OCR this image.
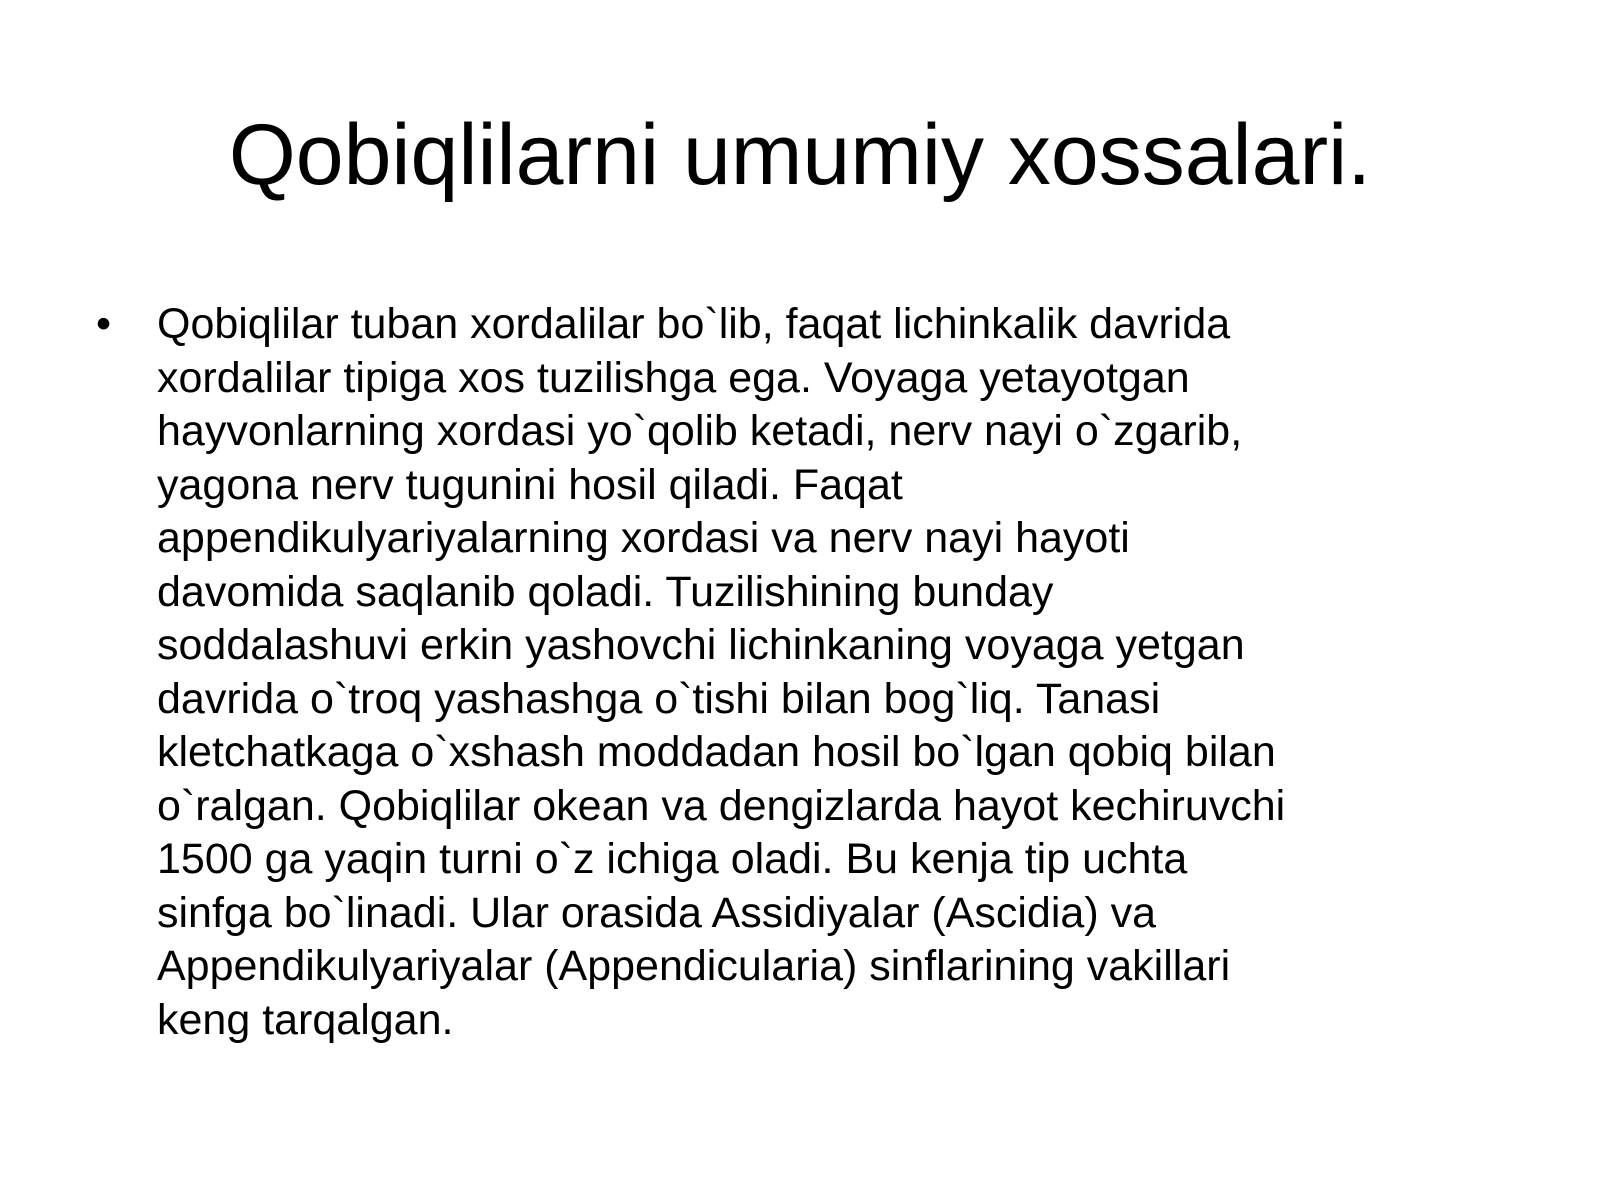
Qobiqlilarni umumiy xossalari.
• Qobiqlilar tuban xordalilar bo`lib, faqat lichinkalik davrida
xordalilar tipiga xos tuzilishga ega. Voyaga yetayotgan
hayvonlarning xordasi yo`qolib ketadi, nerv nayi o`zgarib,
yagona nerv tugunini hosil qiladi. Faqat
appendikulyariyalarning xordasi va nerv nayi hayoti
davomida saqlanib qoladi. Tuzilishining bunday
soddalashuvi erkin yashovchi lichinkaning voyaga yetgan
davrida o`troq yashashga o`tishi bilan bog`liq. Tanasi
kletchatkaga o`xshash moddadan hosil bo`lgan qobiq bilan
o`ralgan. Qobiqlilar okean va dengizlarda hayot kechiruvchi
1500 ga yaqin turni o`z ichiga oladi. Bu kenja tip uchta
sinfga bo`linadi. Ular orasida Assidiyalar (Ascidia) va
Appendikulyariyalar (Appendicularia) sinflarining vakillari
keng tarqalgan.
